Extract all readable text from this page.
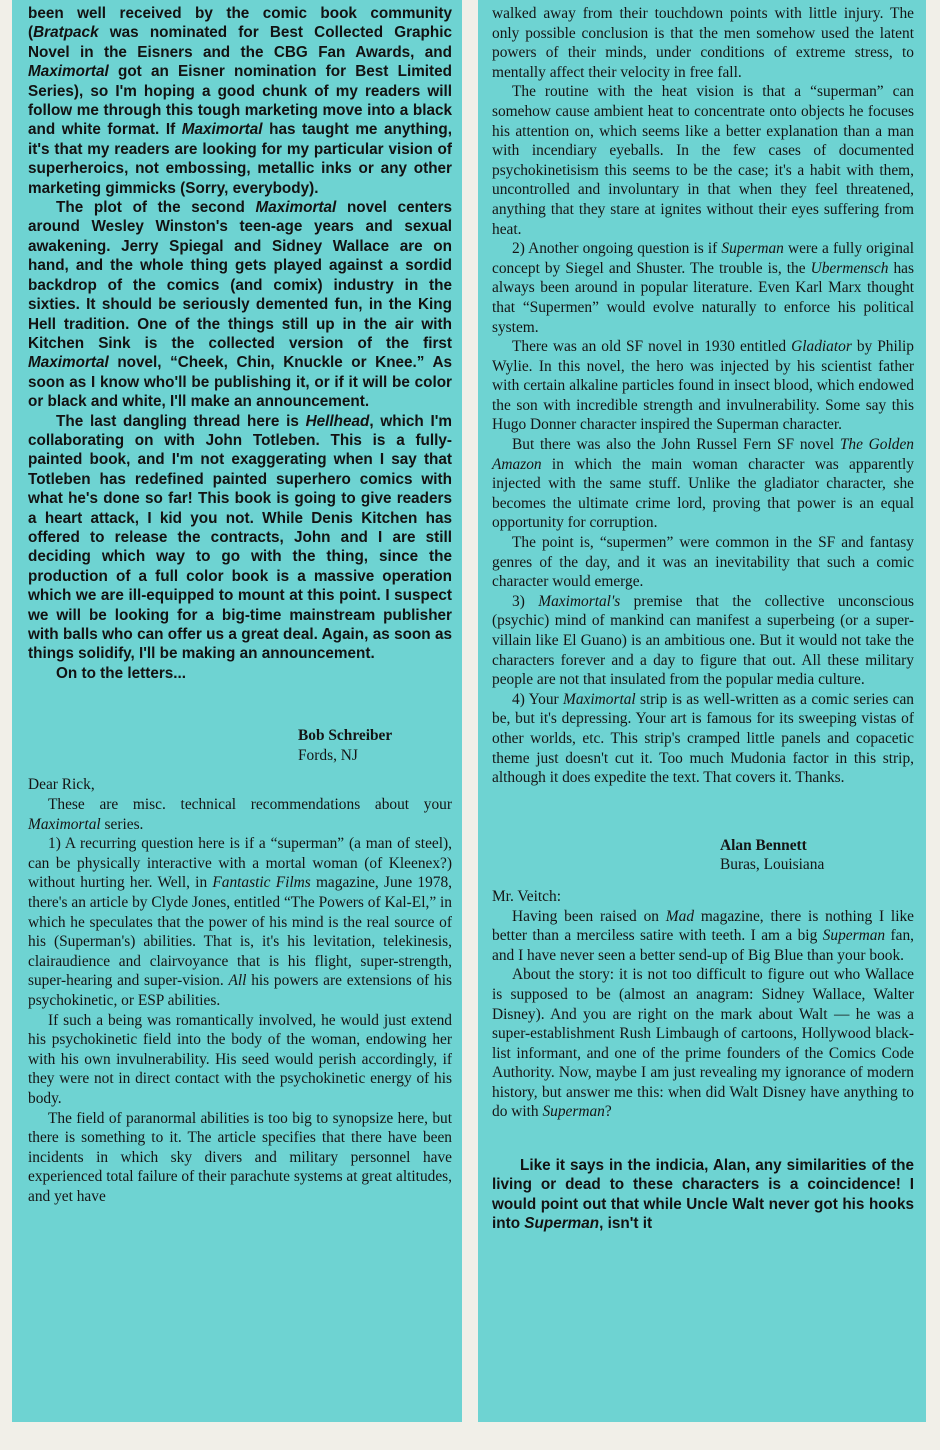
been well received by the comic book community (Bratpack was nominated for Best Collected Graphic Novel in the Eisners and the CBG Fan Awards, and Maximortal got an Eisner nomination for Best Limited Series), so I'm hoping a good chunk of my readers will follow me through this tough marketing move into a black and white format. If Maximortal has taught me anything, it's that my readers are looking for my particular vision of superheroics, not embossing, metallic inks or any other marketing gimmicks (Sorry, everybody).

The plot of the second Maximortal novel centers around Wesley Winston's teen-age years and sexual awakening. Jerry Spiegal and Sidney Wallace are on hand, and the whole thing gets played against a sordid backdrop of the comics (and comix) industry in the sixties. It should be seriously demented fun, in the King Hell tradition. One of the things still up in the air with Kitchen Sink is the collected version of the first Maximortal novel, “Cheek, Chin, Knuckle or Knee.” As soon as I know who'll be publishing it, or if it will be color or black and white, I'll make an announcement.

The last dangling thread here is Hellhead, which I'm collaborating on with John Totleben. This is a fully-painted book, and I'm not exaggerating when I say that Totleben has redefined painted superhero comics with what he's done so far! This book is going to give readers a heart attack, I kid you not. While Denis Kitchen has offered to release the contracts, John and I are still deciding which way to go with the thing, since the production of a full color book is a massive operation which we are ill-equipped to mount at this point. I suspect we will be looking for a big-time mainstream publisher with balls who can offer us a great deal. Again, as soon as things solidify, I'll be making an announcement.

On to the letters...

Bob Schreiber
Fords, NJ

Dear Rick,

These are misc. technical recommendations about your Maximortal series.

1) A recurring question here is if a “superman” (a man of steel), can be physically interactive with a mortal woman (of Kleenex?) without hurting her. Well, in Fantastic Films magazine, June 1978, there's an article by Clyde Jones, entitled “The Powers of Kal-El,” in which he speculates that the power of his mind is the real source of his (Superman's) abilities. That is, it's his levitation, telekinesis, clairaudience and clairvoyance that is his flight, super-strength, super-hearing and super-vision. All his powers are extensions of his psychokinetic, or ESP abilities.

If such a being was romantically involved, he would just extend his psychokinetic field into the body of the woman, endowing her with his own invulnerability. His seed would perish accordingly, if they were not in direct contact with the psychokinetic energy of his body.

The field of paranormal abilities is too big to synopsize here, but there is something to it. The article specifies that there have been incidents in which sky divers and military personnel have experienced total failure of their parachute systems at great altitudes, and yet have

walked away from their touchdown points with little injury. The only possible conclusion is that the men somehow used the latent powers of their minds, under conditions of extreme stress, to mentally affect their velocity in free fall.

The routine with the heat vision is that a “superman” can somehow cause ambient heat to concentrate onto objects he focuses his attention on, which seems like a better explanation than a man with incendiary eyeballs. In the few cases of documented psychokinetisism this seems to be the case; it's a habit with them, uncontrolled and involuntary in that when they feel threatened, anything that they stare at ignites without their eyes suffering from heat.

2) Another ongoing question is if Superman were a fully original concept by Siegel and Shuster. The trouble is, the Ubermensch has always been around in popular literature. Even Karl Marx thought that “Supermen” would evolve naturally to enforce his political system.

There was an old SF novel in 1930 entitled Gladiator by Philip Wylie. In this novel, the hero was injected by his scientist father with certain alkaline particles found in insect blood, which endowed the son with incredible strength and invulnerability. Some say this Hugo Donner character inspired the Superman character.

But there was also the John Russel Fern SF novel The Golden Amazon in which the main woman character was apparently injected with the same stuff. Unlike the gladiator character, she becomes the ultimate crime lord, proving that power is an equal opportunity for corruption.

The point is, “supermen” were common in the SF and fantasy genres of the day, and it was an inevitability that such a comic character would emerge.

3) Maximortal's premise that the collective unconscious (psychic) mind of mankind can manifest a superbeing (or a super-villain like El Guano) is an ambitious one. But it would not take the characters forever and a day to figure that out. All these military people are not that insulated from the popular media culture.

4) Your Maximortal strip is as well-written as a comic series can be, but it's depressing. Your art is famous for its sweeping vistas of other worlds, etc. This strip's cramped little panels and copacetic theme just doesn't cut it. Too much Mudonia factor in this strip, although it does expedite the text. That covers it. Thanks.

Alan Bennett
Buras, Louisiana

Mr. Veitch:

Having been raised on Mad magazine, there is nothing I like better than a merciless satire with teeth. I am a big Superman fan, and I have never seen a better send-up of Big Blue than your book.

About the story: it is not too difficult to figure out who Wallace is supposed to be (almost an anagram: Sidney Wallace, Walter Disney). And you are right on the mark about Walt — he was a super-establishment Rush Limbaugh of cartoons, Hollywood black-list informant, and one of the prime founders of the Comics Code Authority. Now, maybe I am just revealing my ignorance of modern history, but answer me this: when did Walt Disney have anything to do with Superman?

Like it says in the indicia, Alan, any similarities of the living or dead to these characters is a coincidence! I would point out that while Uncle Walt never got his hooks into Superman, isn't it
